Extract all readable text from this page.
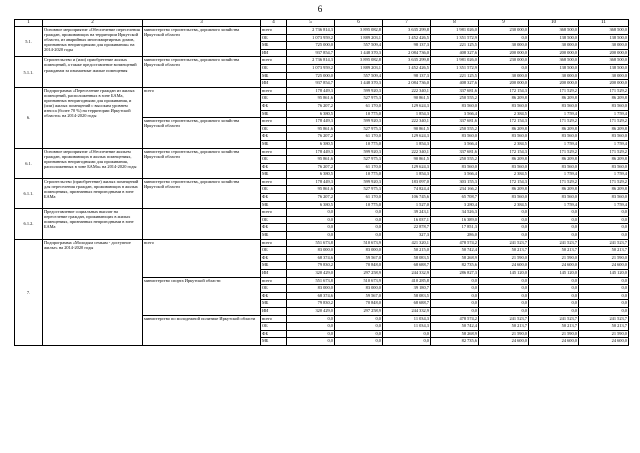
6
1	2	3	4	5	6	7	8	9	10	11
5.1.	Основное мероприятие «Обеспечение переселения граждан, проживающих на территории Иркутской области, из аварийных многоквартирных домов, признанных непригодными для проживания» на 2014-2020 годы	министерство строительства, дорожного хозяйства Иркутской области	всего	2 736 814,3	3 895 082,8	3 635 299,8	1 981 026,0	230 000,0	368 500,0	368 500,0
			ОБ	1 073 959,2	1 889 203,1	1 452 426,5	1 351 572,9	0,0	138 500,0	138 500,0
			МБ	725 000,0	557 509,4	98 137,3	221 125,5	30 000,0	30 000,0	30 000,0
			ИИ	937 854,7	1 448 370,3	2 084 736,0	408 327,6	200 000,0	200 000,0	200 000,0
5.1.1.	Строительство и (или) приобретение жилых помещений, а также предоставление возмещений гражданам за изымаемые жилые помещения	министерство строительства, дорожного хозяйства Иркутской области	всего	2 736 814,3	3 895 082,8	3 635 299,8	1 981 026,0	230 000,0	368 500,0	368 500,0
			ОБ	1 073 959,2	1 889 203,1	1 452 426,5	1 351 572,9	0,0	138 500,0	138 500,0
			МБ	725 000,0	557 509,4	98 137,3	221 125,5	30 000,0	30 000,0	30 000,0
			ИИ	937 854,7	1 448 370,3	2 084 736,0	408 327,6	200 000,0	200 000,0	200 000,0
6.	Подпрограмма «Переселение граждан из жилых помещений, расположенных в зоне БАМа, признанных непригодными для проживания, и (или) жилых помещений с высоким уровнем износа (более 70 %) на территории Иркутской области» на 2014-2020 годы	всего	всего	178 449,3	599 920,3	222 340,1	337 681,6	172 154,3	171 529,2	171 529,2
			ОБ	95 861,6	527 975,3	90 861,5	250 555,2	86 209,8	86 209,8	86 209,8
			ФБ	76 207,2	61 170,0	129 624,3	83 560,0	83 560,0	83 560,0	83 560,0
			МБ	6 380,5	10 775,0	1 854,3	3 566,4	2 384,5	1 759,4	1 759,4
		министерство строительства, дорожного хозяйства Иркутской области	всего	178 449,3	599 920,3	222 340,1	337 681,6	172 154,3	171 529,2	171 529,2
			ОБ	95 861,6	527 975,3	90 861,5	250 555,2	86 209,8	86 209,8	86 209,8
			ФБ	76 207,2	61 170,0	129 624,3	83 560,0	83 560,0	83 560,0	83 560,0
			МБ	6 380,5	10 775,0	1 854,3	3 566,4	2 384,5	1 759,4	1 759,4
6.1.	Основное мероприятие «Обеспечение жильем граждан, проживающих в жилых помещениях, признанных непригодными для проживания, расположенных в зоне БАМа» на 2014-2020 годы	министерство строительства, дорожного хозяйства Иркутской области	всего	178 449,3	599 920,3	222 340,1	337 681,6	172 154,3	171 529,2	171 529,2
			ОБ	95 861,6	527 975,3	90 861,5	250 555,2	86 209,8	86 209,8	86 209,8
			ФБ	76 207,2	61 170,0	129 624,3	83 560,0	83 560,0	83 560,0	83 560,0
			МБ	6 380,5	10 775,0	1 854,3	3 566,4	2 384,5	1 759,4	1 759,4
6.1.1.	Строительство (приобретение) жилых помещений для переселения граждан, проживающих в жилых помещениях, признанных непригодными в зоне БАМа	министерство строительства, дорожного хозяйства Иркутской области	всего	178 449,3	599 920,3	183 097,0	303 155,3	172 154,3	171 529,2	171 529,2
			ОБ	95 861,6	527 975,3	74 824,4	234 166,2	86 209,8	86 209,8	86 209,8
			ФБ	76 207,2	61 170,0	106 745,6	65 708,7	83 560,0	83 560,0	83 560,0
			МБ	6 380,5	10 775,0	1 527,0	3 280,4	2 384,5	1 759,4	1 759,4
6.1.2.	Предоставление социальных выплат на переселение граждан, проживающих в жилых помещениях, признанных непригодными в зоне БАМа		всего	0,0	0,0	39 243,1	34 526,3	0,0	0,0	0,0
			ОБ	0,0	0,0	16 037,1	16 389,0	0,0	0,0	0,0
			ФБ	0,0	0,0	22 878,7	17 851,3	0,0	0,0	0,0
			МБ	0,0	0,0	327,3	286,0	0,0	0,0	0,0
7.	Подпрограмма «Молодым семьям - доступное жилье» на 2014-2020 годы	всего	всего	551 673,8	510 673,9	421 320,1	478 574,2	241 523,7	241 523,7	241 523,7
			ОБ	83 000,0	83 000,0	50 215,0	50 742,4	50 213,7	50 213,7	50 213,7
			ФБ	68 374,6	59 567,0	58 083,5	58 268,9	21 590,0	21 590,0	21 590,0
			МБ	79 830,2	70 848,0	68 688,7	82 735,6	24 600,0	24 600,0	24 600,0
			ИИ	320 429,0	297 258,9	244 332,9	286 827,3	145 120,0	145 120,0	145 120,0
		министерство спорта Иркутской области	всего	551 673,8	510 673,9	410 285,8	0,0	0,0	0,0	0,0
			ОБ	83 000,0	83 000,0	39 180,7	0,0	0,0	0,0	0,0
			ФБ	68 374,6	59 567,0	58 083,5	0,0	0,0	0,0	0,0
			МБ	79 830,2	70 848,0	68 688,7	0,0	0,0	0,0	0,0
			ИИ	320 429,0	297 258,9	244 332,9	0,0	0,0	0,0	0,0
		министерство по молодежной политике Иркутской области	всего	0,0	0,0	11 034,3	478 574,2	241 523,7	241 523,7	241 523,7
			ОБ	0,0	0,0	11 034,3	50 742,4	50 213,7	50 213,7	50 213,7
			ФБ	0,0	0,0	0,0	58 268,9	21 590,0	21 590,0	21 590,0
			МБ	0,0	0,0	0,0	82 735,6	24 600,0	24 600,0	24 600,0
